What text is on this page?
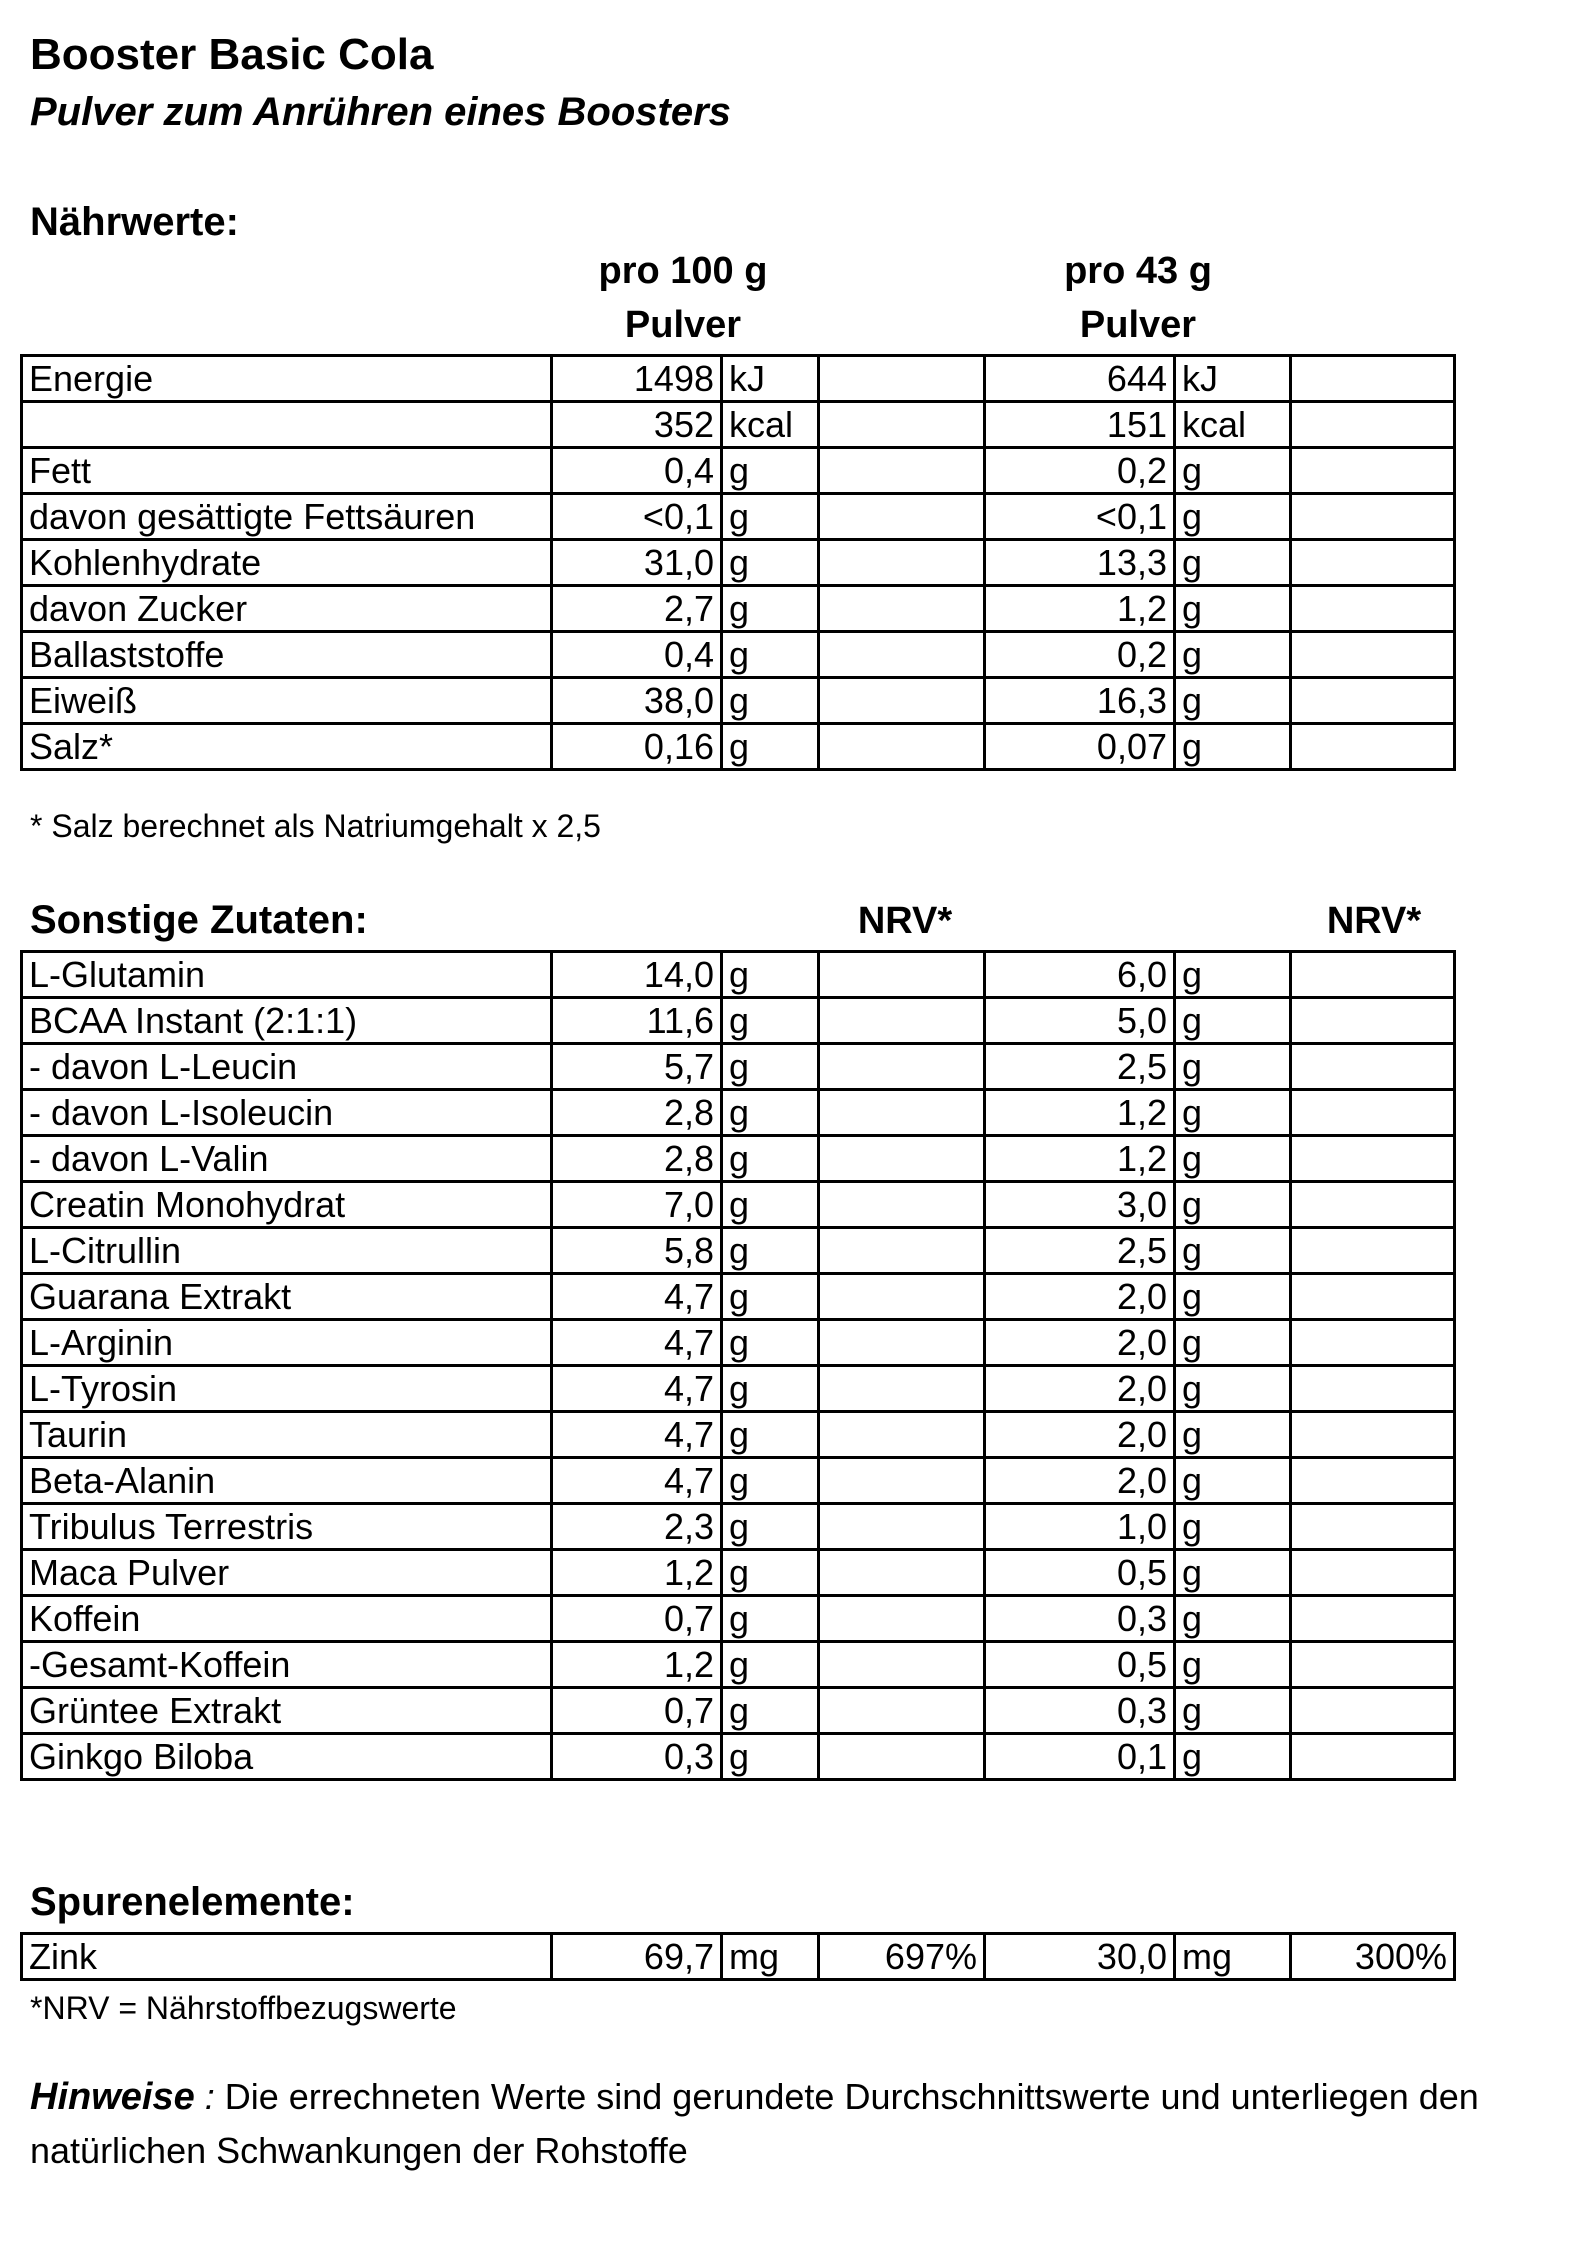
Booster Basic Cola
Pulver zum Anrühren eines Boosters
Nährwerte:
pro 100 g
Pulver
pro 43 g
Pulver
Energie	1498	kJ		644	kJ	
	352	kcal		151	kcal	
Fett	0,4	g		0,2	g	
davon gesättigte Fettsäuren	<0,1	g		<0,1	g	
Kohlenhydrate	31,0	g		13,3	g	
davon Zucker	2,7	g		1,2	g	
Ballaststoffe	0,4	g		0,2	g	
Eiweiß	38,0	g		16,3	g	
Salz*	0,16	g		0,07	g	
* Salz berechnet als Natriumgehalt x 2,5
Sonstige Zutaten:	NRV*	NRV*
L-Glutamin	14,0	g		6,0	g	
BCAA Instant (2:1:1)	11,6	g		5,0	g	
- davon L-Leucin	5,7	g		2,5	g	
- davon L-Isoleucin	2,8	g		1,2	g	
- davon L-Valin	2,8	g		1,2	g	
Creatin Monohydrat	7,0	g		3,0	g	
L-Citrullin	5,8	g		2,5	g	
Guarana Extrakt	4,7	g		2,0	g	
L-Arginin	4,7	g		2,0	g	
L-Tyrosin	4,7	g		2,0	g	
Taurin	4,7	g		2,0	g	
Beta-Alanin	4,7	g		2,0	g	
Tribulus Terrestris	2,3	g		1,0	g	
Maca Pulver	1,2	g		0,5	g	
Koffein	0,7	g		0,3	g	
-Gesamt-Koffein	1,2	g		0,5	g	
Grüntee Extrakt	0,7	g		0,3	g	
Ginkgo Biloba	0,3	g		0,1	g	
Spurenelemente:
Zink	69,7	mg	697%	30,0	mg	300%
*NRV = Nährstoffbezugswerte
Hinweise : Die errechneten Werte sind gerundete Durchschnittswerte und unterliegen den natürlichen Schwankungen der Rohstoffe
